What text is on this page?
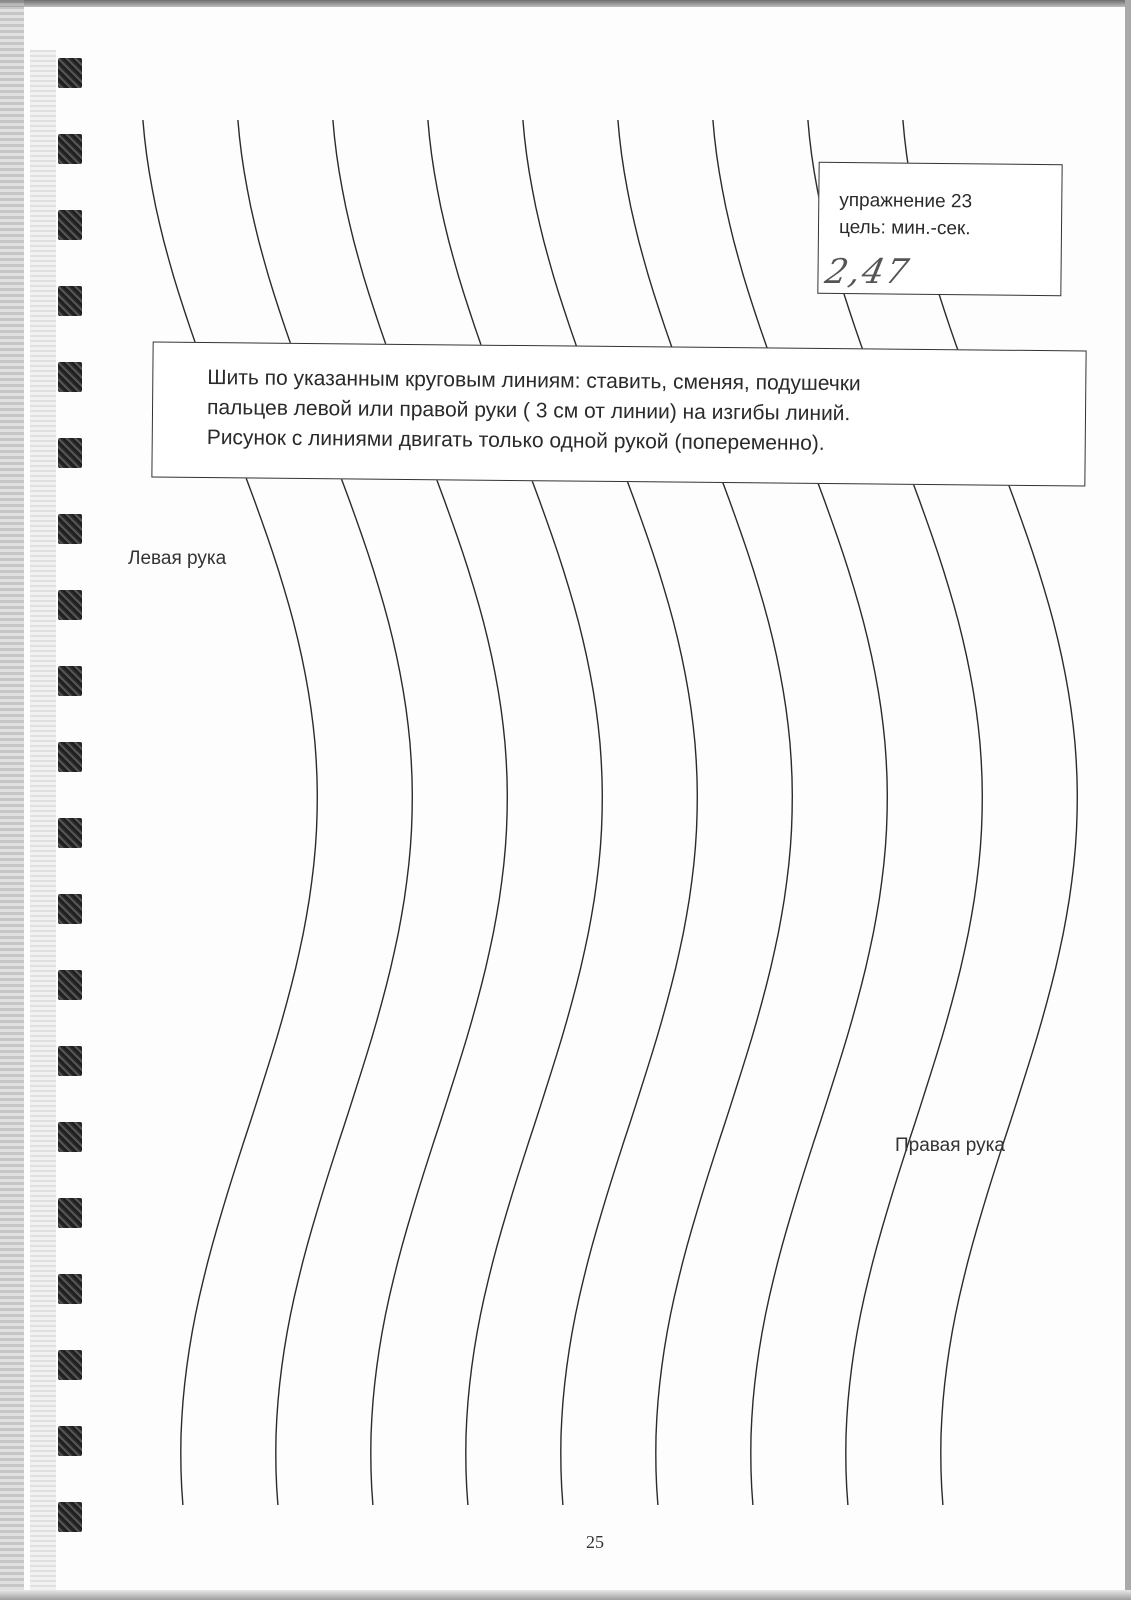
упражнение 23
цель: мин.-сек.
2,47
Шить по указанным круговым линиям: ставить, сменяя, подушечки
пальцев левой или правой руки ( 3 см от линии) на изгибы линий.
Рисунок с линиями двигать только одной рукой (попеременно).
Левая рука
Правая рука
25
